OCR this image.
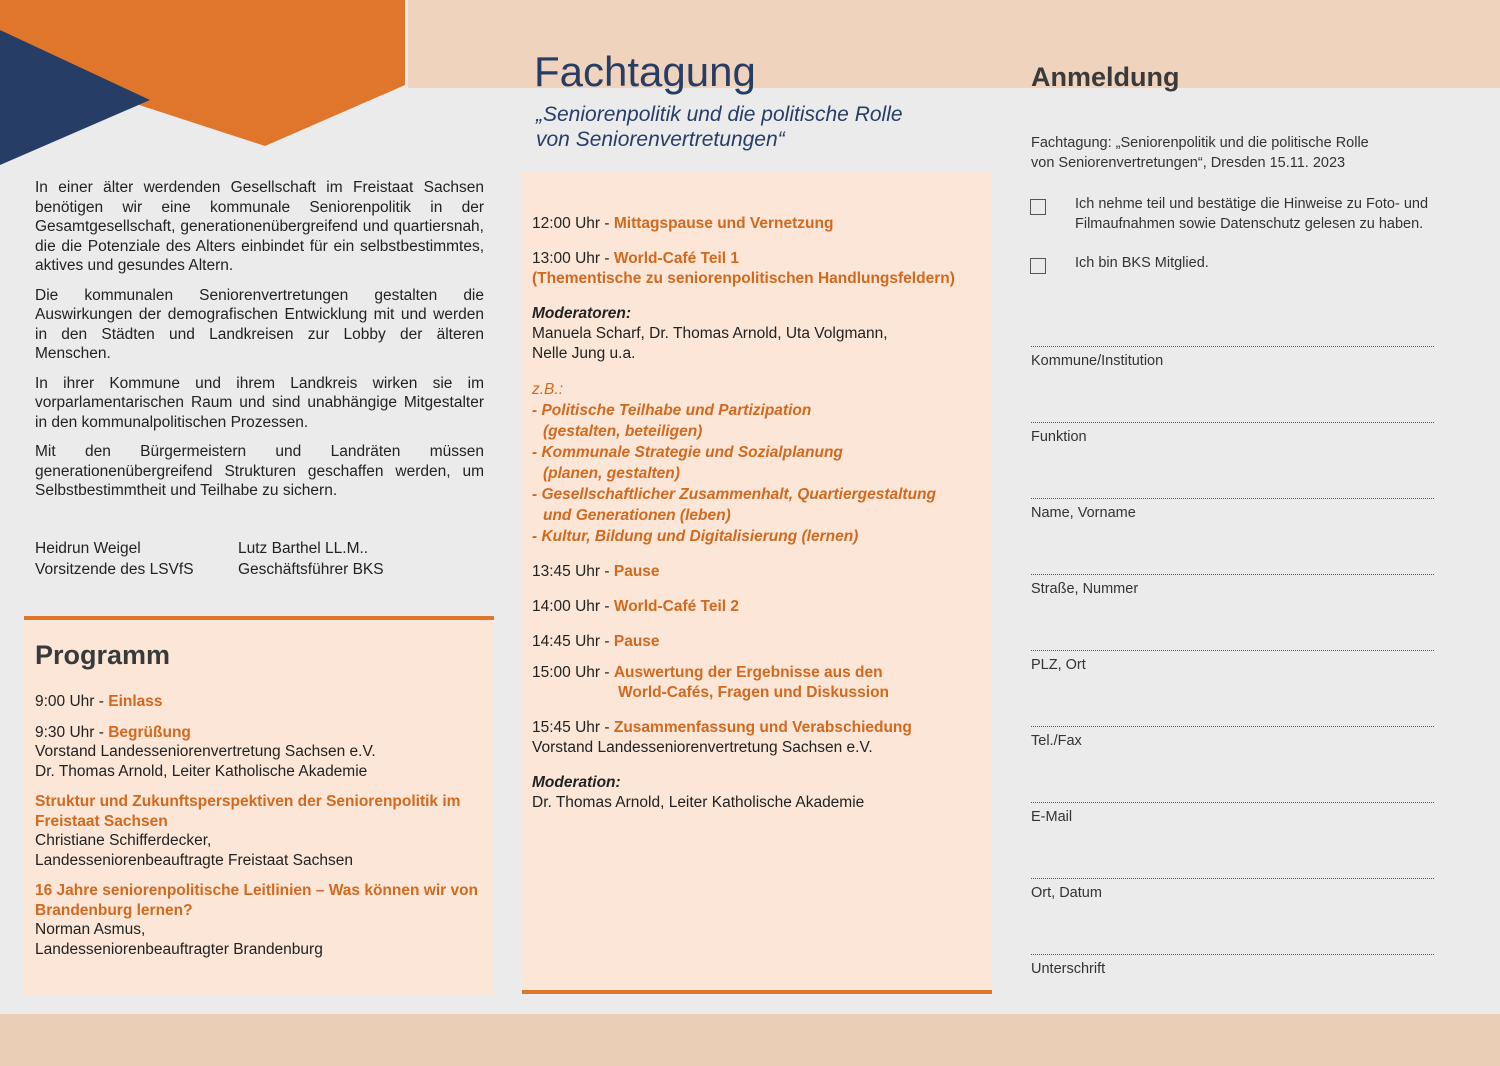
In einer älter werdenden Gesellschaft im Freistaat Sachsen benötigen wir eine kommunale Seniorenpolitik in der Gesamtgesellschaft, generationenübergreifend und quartiersnah, die die Potenziale des Alters einbindet für ein selbstbestimmtes, aktives und gesundes Altern.

Die kommunalen Seniorenvertretungen gestalten die Auswirkungen der demografischen Entwicklung mit und werden in den Städten und Landkreisen zur Lobby der älteren Menschen.

In ihrer Kommune und ihrem Landkreis wirken sie im vorparlamentarischen Raum und sind unabhängige Mitgestalter in den kommunalpolitischen Prozessen.

Mit den Bürgermeistern und Landräten müssen generationenübergreifend Strukturen geschaffen werden, um Selbstbestimmtheit und Teilhabe zu sichern.

Heidrun Weigel
Vorsitzende des LSVfS
Lutz Barthel LL.M..
Geschäftsführer BKS
Programm
9:00 Uhr - Einlass
9:30 Uhr - Begrüßung
Vorstand Landesseniorenvertretung Sachsen e.V.
Dr. Thomas Arnold, Leiter Katholische Akademie
Struktur und Zukunftsperspektiven der Seniorenpolitik im Freistaat Sachsen
Christiane Schifferdecker,
Landesseniorenbeauftragte Freistaat Sachsen
16 Jahre seniorenpolitische Leitlinien – Was können wir von Brandenburg lernen?
Norman Asmus,
Landesseniorenbeauftragter Brandenburg
Fachtagung
„Seniorenpolitik und die politische Rolle
von Seniorenvertretungen“
12:00 Uhr - Mittagspause und Vernetzung
13:00 Uhr - World-Café Teil 1
(Thementische zu seniorenpolitischen Handlungsfeldern)
Moderatoren:
Manuela Scharf, Dr. Thomas Arnold, Uta Volgmann,
Nelle Jung u.a.
z.B.:
- Politische Teilhabe und Partizipation
(gestalten, beteiligen)
- Kommunale Strategie und Sozialplanung
(planen, gestalten)
- Gesellschaftlicher Zusammenhalt, Quartiergestaltung
und Generationen (leben)
- Kultur, Bildung und Digitalisierung (lernen)
13:45 Uhr - Pause
14:00 Uhr - World-Café Teil 2
14:45 Uhr - Pause
15:00 Uhr - Auswertung der Ergebnisse aus den
World-Cafés, Fragen und Diskussion
15:45 Uhr - Zusammenfassung und Verabschiedung
Vorstand Landesseniorenvertretung Sachsen e.V.
Moderation:
Dr. Thomas Arnold, Leiter Katholische Akademie
Anmeldung
Fachtagung: „Seniorenpolitik und die politische Rolle
von Seniorenvertretungen“, Dresden 15.11. 2023
Ich nehme teil und bestätige die Hinweise zu Foto- und Filmaufnahmen sowie Datenschutz gelesen zu haben.
Ich bin BKS Mitglied.
Kommune/Institution
Funktion
Name, Vorname
Straße, Nummer
PLZ, Ort
Tel./Fax
E-Mail
Ort, Datum
Unterschrift
